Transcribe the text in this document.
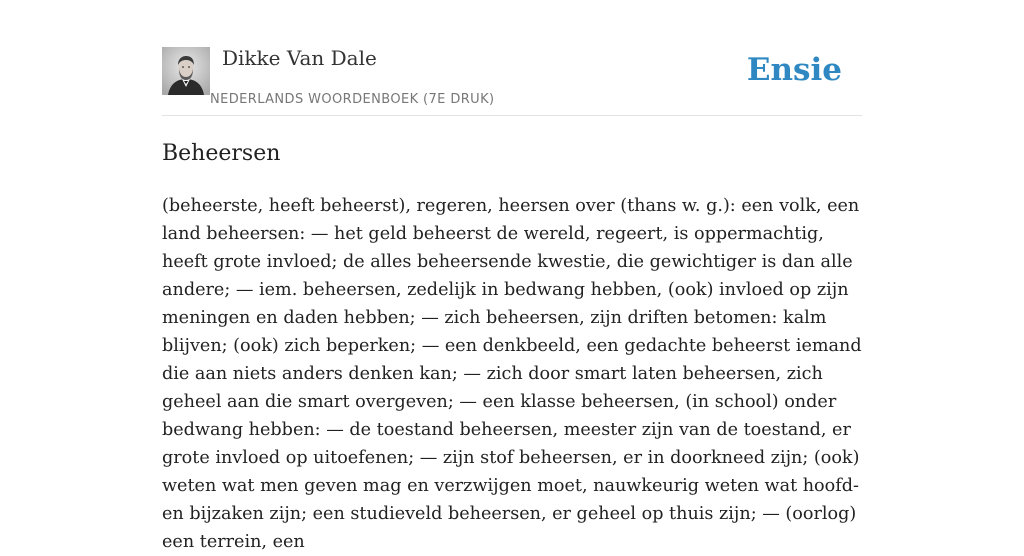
Dikke Van Dale
NEDERLANDS WOORDENBOEK (7E DRUK)
Ensie
Beheersen

(beheerste, heeft beheerst), regeren, heersen over (thans w. g.): een volk, een land beheersen: — het geld beheerst de wereld, regeert, is oppermachtig, heeft grote invloed; de alles beheersende kwestie, die gewichtiger is dan alle andere; — iem. beheersen, zedelijk in bedwang hebben, (ook) invloed op zijn meningen en daden hebben; — zich beheersen, zijn driften betomen: kalm blijven; (ook) zich beperken; — een denkbeeld, een gedachte beheerst iemand die aan niets anders denken kan; — zich door smart laten beheersen, zich geheel aan die smart overgeven; — een klasse beheersen, (in school) onder bedwang hebben: — de toestand beheersen, meester zijn van de toestand, er grote invloed op uitoefenen; — zijn stof beheersen, er in doorkneed zijn; (ook) weten wat men geven mag en verzwijgen moet, nauwkeurig weten wat hoofd- en bijzaken zijn; een studieveld beheersen, er geheel op thuis zijn; — (oorlog) een terrein, een
